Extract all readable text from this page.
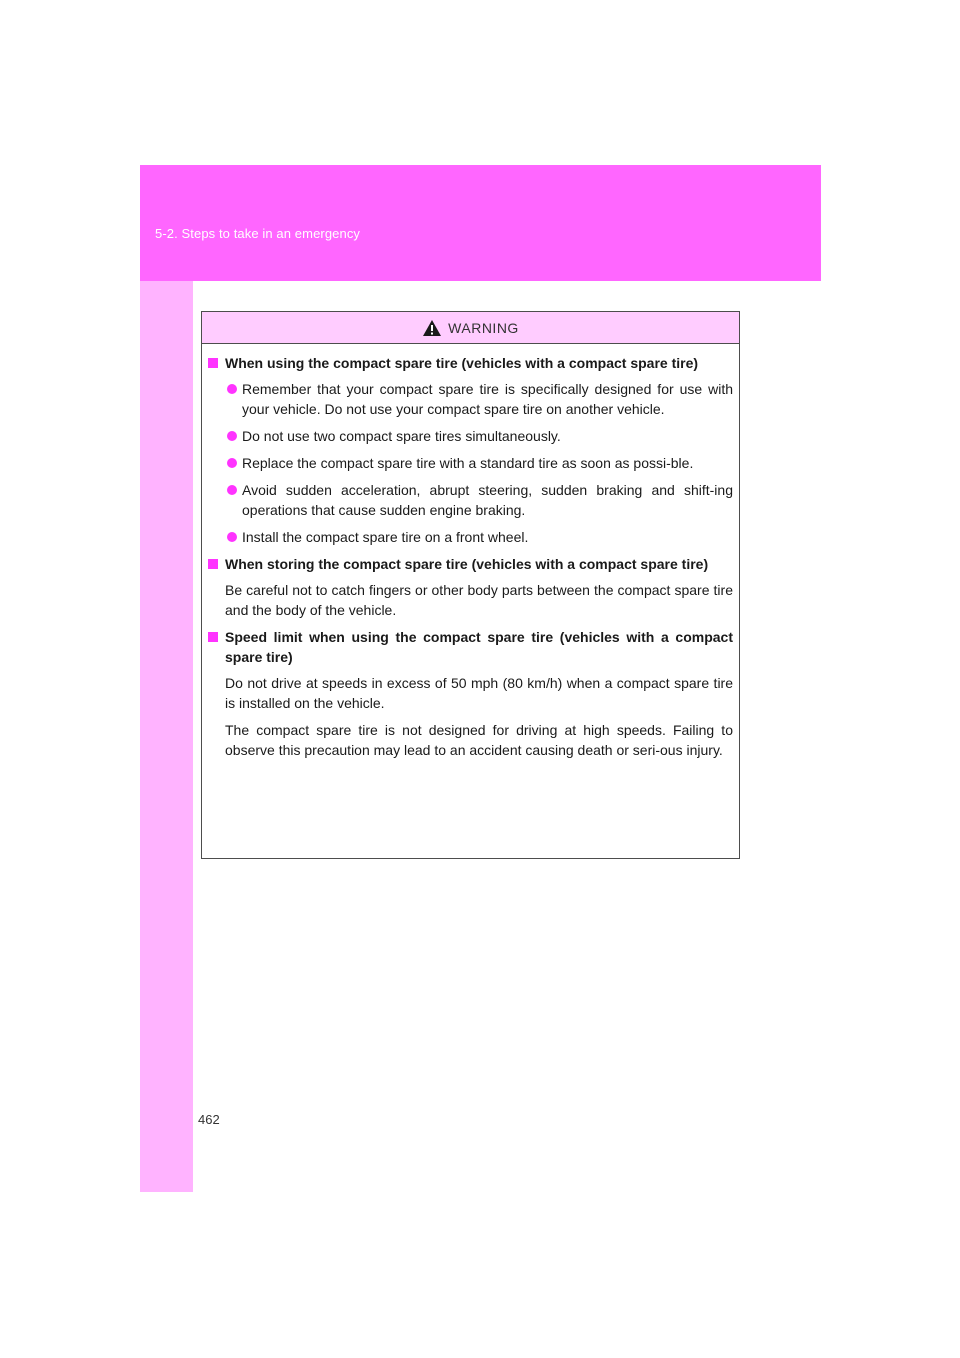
5-2. Steps to take in an emergency
WARNING
When using the compact spare tire (vehicles with a compact spare tire)
Remember that your compact spare tire is specifically designed for use with your vehicle. Do not use your compact spare tire on another vehicle.
Do not use two compact spare tires simultaneously.
Replace the compact spare tire with a standard tire as soon as possi-ble.
Avoid sudden acceleration, abrupt steering, sudden braking and shift-ing operations that cause sudden engine braking.
Install the compact spare tire on a front wheel.
When storing the compact spare tire (vehicles with a compact spare tire)
Be careful not to catch fingers or other body parts between the compact spare tire and the body of the vehicle.
Speed limit when using the compact spare tire (vehicles with a compact spare tire)
Do not drive at speeds in excess of 50 mph (80 km/h) when a compact spare tire is installed on the vehicle.
The compact spare tire is not designed for driving at high speeds. Failing to observe this precaution may lead to an accident causing death or seri-ous injury.
462
